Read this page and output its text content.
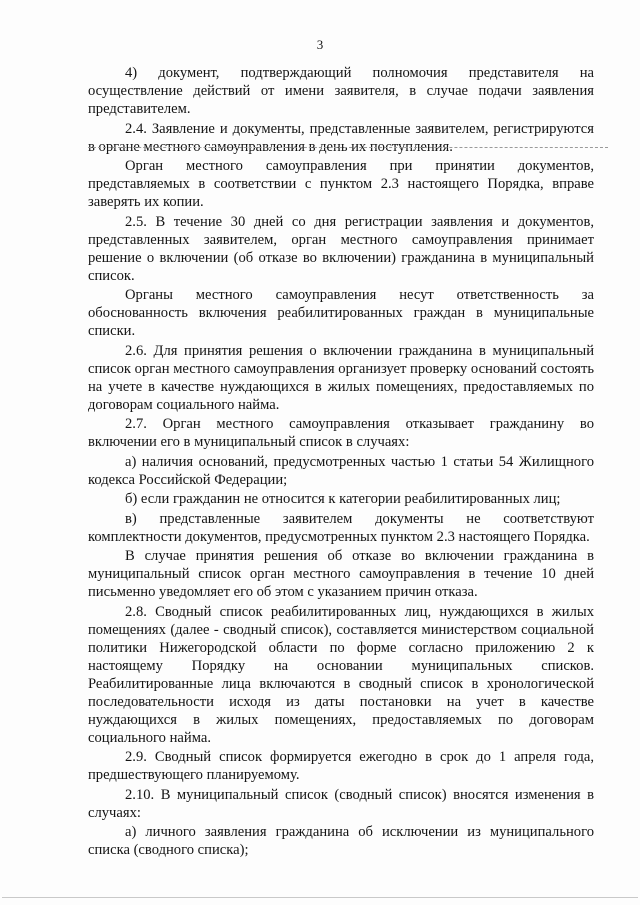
3

4) документ, подтверждающий полномочия представителя на осуществление действий от имени заявителя, в случае подачи заявления представителем.

2.4. Заявление и документы, представленные заявителем, регистрируются в органе местного самоуправления в день их поступления.

Орган местного самоуправления при принятии документов, представляемых в соответствии с пунктом 2.3 настоящего Порядка, вправе заверять их копии.

2.5. В течение 30 дней со дня регистрации заявления и документов, представленных заявителем, орган местного самоуправления принимает решение о включении (об отказе во включении) гражданина в муниципальный список.

Органы местного самоуправления несут ответственность за обоснованность включения реабилитированных граждан в муниципальные списки.

2.6. Для принятия решения о включении гражданина в муниципальный список орган местного самоуправления организует проверку оснований состоять на учете в качестве нуждающихся в жилых помещениях, предоставляемых по договорам социального найма.

2.7. Орган местного самоуправления отказывает гражданину во включении его в муниципальный список в случаях:

а) наличия оснований, предусмотренных частью 1 статьи 54 Жилищного кодекса Российской Федерации;

б) если гражданин не относится к категории реабилитированных лиц;

в) представленные заявителем документы не соответствуют комплектности документов, предусмотренных пунктом 2.3 настоящего Порядка.

В случае принятия решения об отказе во включении гражданина в муниципальный список орган местного самоуправления в течение 10 дней письменно уведомляет его об этом с указанием причин отказа.

2.8. Сводный список реабилитированных лиц, нуждающихся в жилых помещениях (далее - сводный список), составляется министерством социальной политики Нижегородской области по форме согласно приложению 2 к настоящему Порядку на основании муниципальных списков. Реабилитированные лица включаются в сводный список в хронологической последовательности исходя из даты постановки на учет в качестве нуждающихся в жилых помещениях, предоставляемых по договорам социального найма.

2.9. Сводный список формируется ежегодно в срок до 1 апреля года, предшествующего планируемому.

2.10. В муниципальный список (сводный список) вносятся изменения в случаях:

а) личного заявления гражданина об исключении из муниципального списка (сводного списка);
